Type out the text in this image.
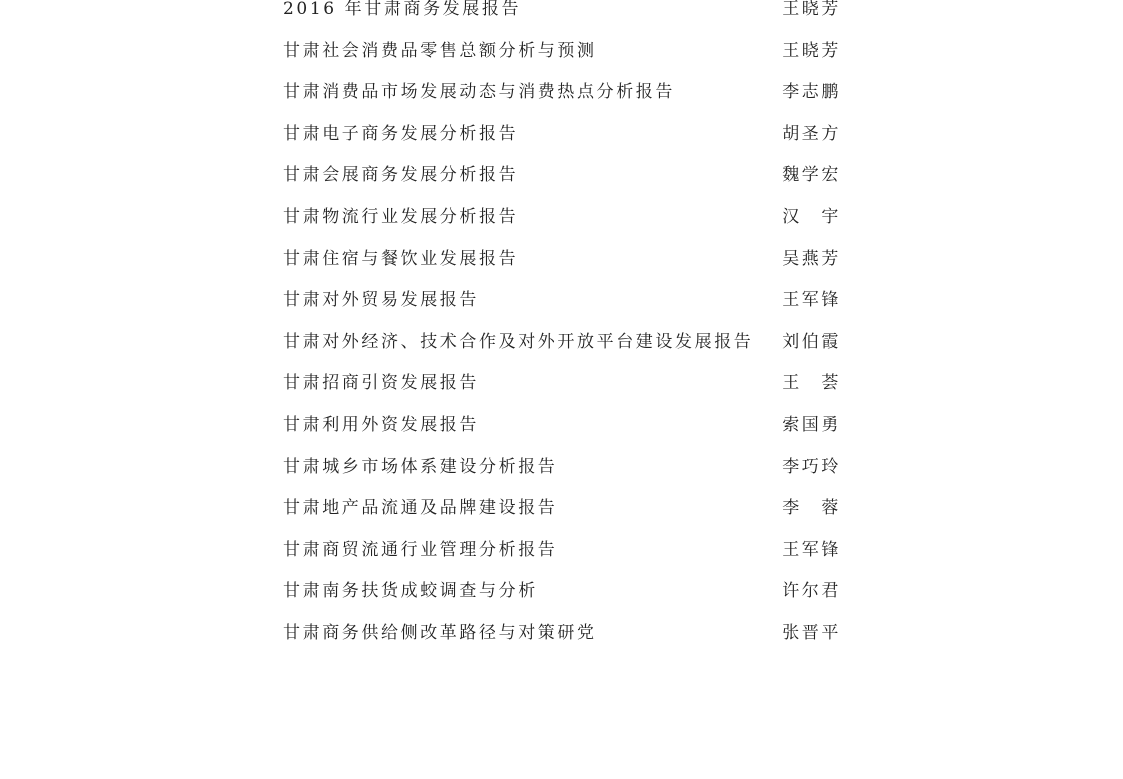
2016 年甘肃商务发展报告	王晓芳
甘肃社会消费品零售总额分析与预测	王晓芳
甘肃消费品市场发展动态与消费热点分析报告	李志鹏
甘肃电子商务发展分析报告	胡圣方
甘肃会展商务发展分析报告	魏学宏
甘肃物流行业发展分析报告	汉　宇
甘肃住宿与餐饮业发展报告	吴燕芳
甘肃对外贸易发展报告	王军锋
甘肃对外经济、技术合作及对外开放平台建设发展报告 刘伯霞
甘肃招商引资发展报告	王　荟
甘肃利用外资发展报告	索国勇
甘肃城乡市场体系建设分析报告	李巧玲
甘肃地产品流通及品牌建设报告	李　蓉
甘肃商贸流通行业管理分析报告	王军锋
甘肃南务扶货成蛟调查与分析	许尔君
甘肃商务供给侧改革路径与对策研党	张晋平
